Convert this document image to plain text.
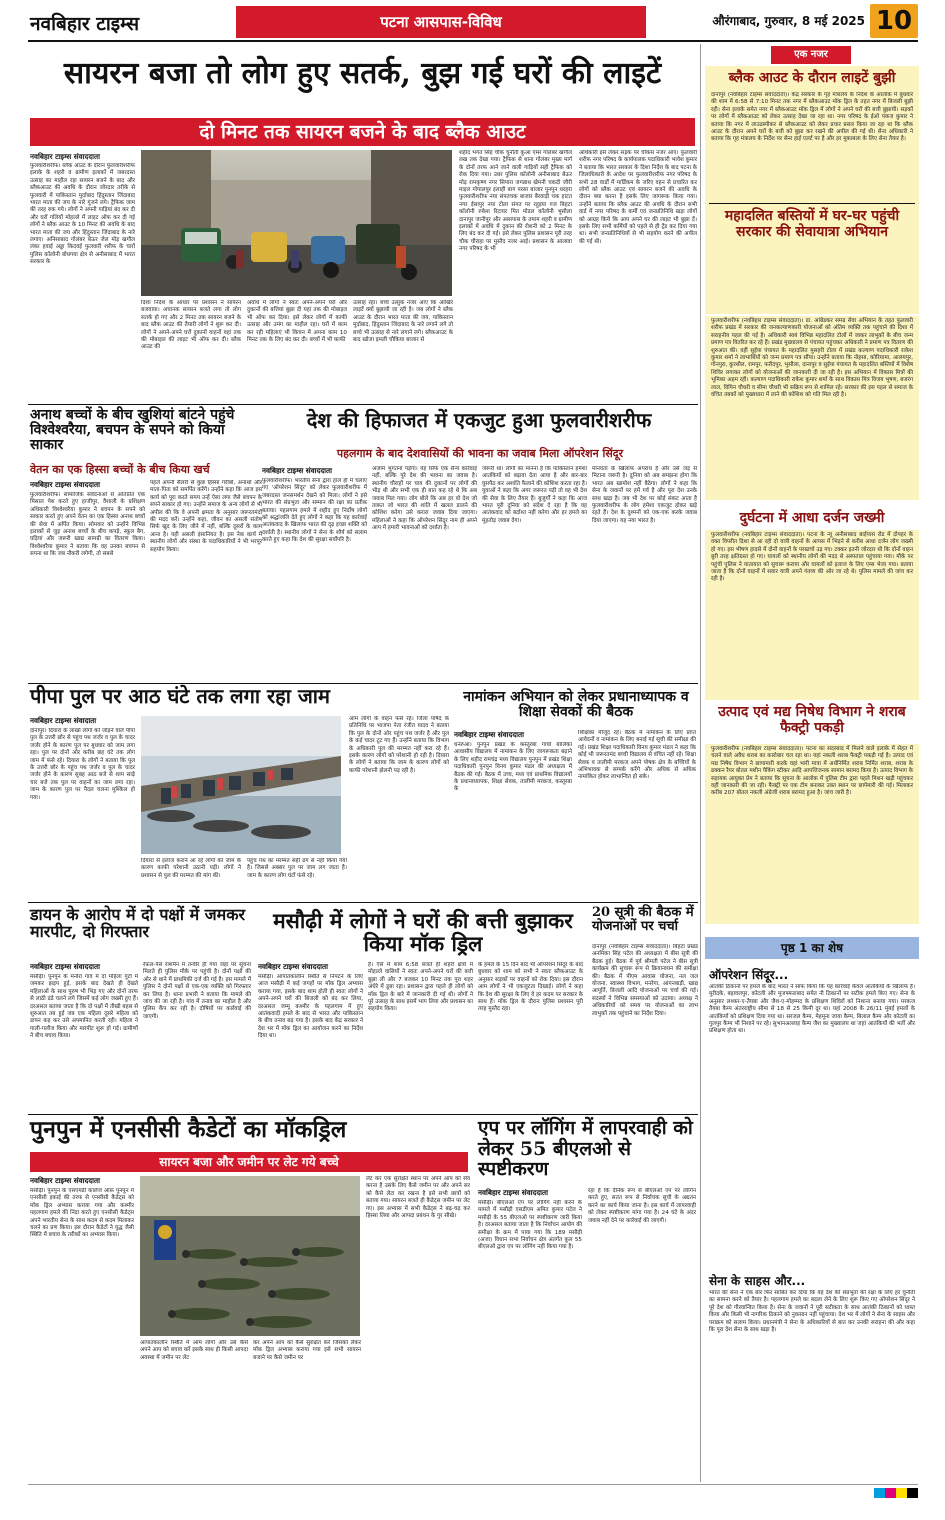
नवबिहार टाइम्स	पटना आसपास-विविध	औरंगाबाद, गुरुवार, 8 मई 2025 10
सायरन बजा तो लोग हुए सतर्क, बुझ गई घरों की लाइटें
दो मिनट तक सायरन बजने के बाद ब्लैक आउट
नवबिहार टाइम्स संवाददाता
फुलवारीशरीफ। ब्लैक आउट के दौरान फुलवारीशरीफ इलाके के शहरी व ग्रामीण इलाकों में जबरदस्त उत्साह का माहौल रहा सायरन बजने के बाद और ब्लैकआउट की अवधि के दौरान जोरदार तरीके से फुलवारी में पाकिस्तान मुर्दाबाद हिंदुस्तान जिंदाबाद भारत माता की जय के नारे गूंजने लगे। ट्रैफिक जाम की तरह रुक गये। लोगों ने अपनी गाड़ियां बंद कर दी और घरों गलियों मोहल्ले में लाइट ऑफ कर दी गई लोगों ने ब्लैक आउट के 10 मिनट की अवधि के बाद भारत माता की जय और हिंदुस्तान जिंदाबाद के नारे लगाए। अनिसाबाद गोलंबर बेऊर जेल मोड़ खगौल लंका हवाई अड्डा किदवई फुलवारी शरीफ के चारों पुलिस कॉलोनी बोधगया क्षेत्र से अनीसाबाद में भारत सरकार के
दिशा निर्देश के आधार पर प्रशासन ने सायरन बजवाया। अचानक सायरन बजते लगा तो लोग सतर्क हो गए और 2 मिनट तक सायरन बजने के बाद ब्लैक आउट की तैयारी लोगों ने शुरू कर दी। लोगों ने अपने-अपने घरों दुकानों वाहनों वहां तक की मोबाइल की लाइट भी ऑफ कर दी। ब्लैक आउट की
अवधि में लोगों ने स्वतः अपने-अपने घरों और दुकानों की बत्तियां बुझा दी यहां तक की मोबाइल भी ऑफ कर दिया। इसे लेकर लोगों में काफी उत्साह और उमंग का माहौल रहा। घरों में काम कर रही महिलाएं भी किचन में अपना काम 10 मिनट तक के लिए बंद कर दी। बच्चों में भी काफी
उत्साह रहा। बच्चे उत्सुक नजर आए कि आखिर लाइटें क्यों बुझायी जा रही है। जब लोगों ने ब्लैक आउट के दौरान भारत माता की जय, पाकिस्तान मुर्दाबाद, हिंदुस्तान जिंदाबाद के नारे लगाने लगे तो बच्चे भी उत्साह से नारे लगाने लगे। ब्लैकआउट के बाद खोजा इमली चौकिया बाजार से
शहीद भगत सिंह चौक चुनौती कुआं एम्स गोलंबर खगौल लख तक देखा गया। ट्रैफिक से थाना गोलंबर मुख्य मार्ग के दोनों तरफ आने जाने वाली गाड़ियों सही ट्रैफिक को रोक दिया गया। उधर पुलिस कॉलोनी अनीसाबाद बेऊर मोड़ रामकृष्ण नगर सिपारा जगन्नाथ खेमनी चकदी जौरी माइल गोपालपुर इलाही बाग परसा बाजार पुनपुन धरहरा फुलवारीशरीफ नया संपतचक बाजार बैरवाड़ी चक हाटत नगर ईसापुर नया टोला संगत पर रहुइया गज बिहटा कॉलोनी रुकेश रिटायर मित मोडल कॉलोनी भुसौला दानापुर जानीपुर और आसपास के तमाम शहरी व ग्रामीण इलाकों में अवधि में दुकान की रोशनी को 2 मिनट के लिए बंद कर दी गई। इसे लेकर पुलिस प्रशासन पूरी तरह चौक चौराहा पर मुस्तैद नजर आई। प्रशासन के आलावा नगर परिषद के भी
अधिकारी इसे लेकर सड़क पर चौकस नजर आए। फुलवारी शरीफ नगर परिषद के कार्यपालक पदाधिकारी भावेश कुमार ने बताया कि भारत सरकार के दिशा निर्देश के बाद पटना के जिलाधिकारी के आदेश पर फुलवारीशरीफ नगर परिषद के सभी 28 वार्डों में मार्डिकम के जरिए वहन से प्रचारित कर लोगों को ब्लैक आउट एवं सायरन बजने की अवधि के दौरान क्या करना है इसके लिए जागरूक किया गया। उन्होंने बताया कि ब्लैक आउट की अवधि के दौरान सभी वार्ड में नगर परिषद के कर्मी एवं जनप्रतिनिधि खड़ा लोगों को आग्रह किये कि आप अपने घर की लाइट भी बुझा दें। इसके लिए सभी कर्मियों को पहले से ही ट्रेंड कर दिया गया था। सभी जनप्रतिनिधियों से भी सहयोग करने की अपील की गई थी।
एक नजर
ब्लैक आउट के दौरान लाइटें बुझी
दानापुर (नवबिहार टाइम्स संवाददाता)। केंद्र सरकार के गृह मंत्रालय के निर्देश के आलोक में बुधवार की शाम में 6:58 से 7:10 मिनट तक नगर में ब्लैकआउट मॉक ड्रिल के तहत नगर में बिजली बुझी रही। सेना इलाके समेत नगर में ब्लैकआउट मॉक ड्रिल में लोगों ने अपने घरों की बत्ती बुझायी। सड़कों पर लोगों में ब्लैकआउट को लेकर उत्साह देखा जा रहा था। नगर परिषद के ईओ पंकज कुमार ने बताया कि नगर में लाउडस्पीकर से ब्लैकआउट को लेकर प्रचार प्रसार किया जा रहा था कि ब्लैक आउट के दौरान अपने घरों के बत्ती को बुझा कर रखने की अपील की गई थी। सेना अधिकारी ने बताया कि गृह मंत्रालय के निर्देश पर सेना हाई एलर्ट पर है और हर मुकाबला के लिए सेना तैयार है।
महादलित बस्तियों में घर-घर पहुंची सरकार की सेवायात्रा अभियान
फुलवारीशरीफ (नवबिहार टाइम्स संवाददाता)। डा. आंबेडकर समग्र सेवा अभियान के तहत फुलवारी शरीफ प्रखंड में सरकार की जनकल्याणकारी योजनाओं को अंतिम व्यक्ति तक पहुंचाने की दिशा में सराहनीय पहल की गई है। अधिकारी स्वयं विभिन्न महादलित टोलों में जाकर लाभुकों के बीच जन्म प्रमाण पत्र वितरित कर रहे हैं। प्रखंड मुख्यालय से पंचायत पहुंचकर अधिकारी ने प्रमाण पत्र वितरण की शुरुआत की। वहीं सुईया पंचायत के महादलित मुसहरी टोला में प्रखंड कल्याण पदाधिकारी राकेश कुमार शर्मा ने लाभार्थियों को जन्म प्रमाण पत्र सौंपा। उन्होंने बताया कि नोहसा, कोरियामा, आलमपुर, गोनपुरा, कुरथौल, रामपुर, फरीदपुर, भुसौला, दानापुर व सुईया पंचायत के महादलित बस्तियों में विशेष शिविर लगाकर लोगों को योजनाओं की जानकारी दी जा रही है। इस अभियान में विकास मित्रों की भूमिका अहम रही। कल्याण पदाधिकारी राकेश कुमार शर्मा के साथ विकास मित्र विजय भूषण, बजरंग लाल, विपिन चौधरी व सीमा चौधरी भी सक्रिय रूप से शामिल रहे। सरकार की इस पहल से समाज के वंचित तबकों को मुख्यधारा में लाने की कोशिश को गति मिल रही है।
दुर्घटना में आधा दर्जन जख्मी
फुलवारीशरीफ (नवबिहार टाइम्स संवाददाता)। पटना के न्यू अनीसाबाद बाईपास रोड में दोपहर के वक्त विपरीत दिशा से आ रही दो यात्री वाहनों के आपस में भिड़ने से करीब आधा दर्जन लोग जख्मी हो गए। इस भीषण हादसे में दोनों वाहनों के परखच्चे उड़ गए। टक्कर इतनी जोरदार थी कि दोनों वाहन बुरी तरह क्षतिग्रस्त हो गए। घायलों को स्थानीय लोगों की मदद से अस्पताल पहुंचाया गया। मौके पर पहुंची पुलिस ने यातायात को सुचारू कराया और घायलों को इलाज के लिए एम्स भेजा गया। बताया जाता है कि दोनों वाहनों में सवार यात्री अपने गंतव्य की ओर जा रहे थे। पुलिस मामले की जांच कर रही है।
उत्पाद एवं मद्य निषेध विभाग ने शराब फैक्ट्री पकड़ी
फुलवारीशरीफ (नवबिहार टाइम्स संवाददाता)। पटना का सदरबाद में मिलने वाले इलाके में सेहत में चलने वाले अवैध शराब का कारोबार चल रहा था। यहां नकली शराब फैक्ट्री पकड़ी गई है। उत्पाद एवं मद्य निषेध विभाग ने छापामारी करके वहां भारी मात्रा में अर्धनिर्मित शराब निर्मित शराब, शराब के ढक्कन रैपर बोतल मशीन पैकिंग स्टीकर आदि आपत्तिजनक सामान बरामद किया है। उत्पाद विभाग के सहायक आयुक्त प्रेम ने बताया कि सूचना के आलोक में पुलिस टीम द्वारा पहले मिशन खड़ी पहुंचकर वहीं जानकारी की जा रही। फैक्ट्री पर एक टीम बनाकर उक्त स्थान पर छापेमारी की गई। मिलाकर करीब 207 बोतल नकली अंग्रेजी शराब बरामद हुआ है। जांच जारी है।
पृष्ठ 1 का शेष
ऑपरेशन सिंदूर...
आतंकी ठिकानों पर हमले के बाद भारत ने साफ किया कि यह कार्रवाई केवल आतंकियों के खिलाफ है। मुरीदके, बहावलपुर, कोटली और मुजफ्फराबाद समेत नौ ठिकानों पर सटीक हमले किए गए। सेना के अनुसार लश्कर-ए-तैयबा और जैश-ए-मोहम्मद के प्रशिक्षण शिविरों को निशाना बनाया गया। मरकज तैयबा कैम्प अंतरराष्ट्रीय सीमा से 18 से 25 किमी दूर था। यहां 2008 के 26/11 मुंबई हमलों के आतंकियों को प्रशिक्षण दिया गया था। सरजल कैम्प, मेहमूना जाया कैम्प, बिलाल कैम्प और कोटली का गुलपुर कैम्प भी निशाने पर रहे। सुभानअल्लाह कैम्प जैश का मुख्यालय था जहां आतंकियों की भर्ती और प्रशिक्षण होता था।
सेना के साहस और...
भारत की सेना ने एक बार फिर साबित कर दिया कि वह देश की संप्रभुता की रक्षा के लिए हर चुनौती का सामना करने को तैयार है। पहलगाम हमले का बदला लेने के लिए शुरू किए गए ऑपरेशन सिंदूर ने पूरे देश को गौरवान्वित किया है। सेना के जवानों ने पूरी सटीकता के साथ आतंकी ठिकानों को ध्वस्त किया और किसी भी नागरिक ठिकाने को नुकसान नहीं पहुंचाया। देश भर में लोगों ने सेना के साहस और पराक्रम को सलाम किया। प्रधानमंत्री ने सेना के अधिकारियों से बात कर उनकी सराहना की और कहा कि पूरा देश सेना के साथ खड़ा है।
अनाथ बच्चों के बीच खुशियां बांटने पहुंचे विश्वेश्वरैया, बचपन के सपने को किया साकार
वेतन का एक हिस्सा बच्चों के बीच किया खर्च
नवबिहार टाइम्स संवाददाता
फुलवारीशरीफ। सामाजिक संवेदनाओं से ओतप्रोत एक मिसाल पेश करते हुए हाजीपुर, वैशाली के प्रशिक्षण अधिकारी विश्वेश्वरैया कुमार ने बचपन के सपने को साकार करते हुए अपने वेतन का एक हिस्सा अनाथ बच्चों की सेवा में अर्पित किया। सोमवार को उन्होंने विभिन्न इलाकों से जुड़ अनाथ बच्चों के बीच कपड़े, स्कूल बैग, घड़ियां और जरूरी खाद्य सामग्री का वितरण किया। विश्वेश्वरैया कुमार ने बताया कि वह उनका बचपन से सपना था कि जब नौकरी लगेगी, तो सबसे
पहले अपनी सैलरी से कुछ हिस्सा गरीबों, अनाथों और माता-पिता को समर्पित करेंगे। उन्होंने कहा कि आज इस कार्य को पूरा करते समय उन्हें ऐसा लगा जैसे बचपन के सपने साकार हो गए। उन्होंने समाज के अन्य लोगों से भी अपील की कि वे अपनी क्षमता के अनुसार जरूरतमंदों की मदद करें। उन्होंने कहा, जीवन का असली संतोष सिर्फ खुद के लिए जीने में नहीं, बल्कि दूसरों के काम आना है। यही असली इंसानियत है। इस नेक कार्य में स्थानीय लोगों और संस्था के पदाधिकारियों ने भी भरपूर सहयोग किया।
देश की हिफाजत में एकजुट हुआ फुलवारीशरीफ
पहलगाम के बाद देशवासियों की भावना का जवाब मिला ऑपरेशन सिंदूर
नवबिहार टाइम्स संवाददाता
फुलवारीशरीफ। भारतीय सेना द्वारा हाल ही में चलाए गए 'ऑपरेशन सिंदूर' को लेकर फुलवारीशरीफ में जबरदस्त जनसमर्थन देखने को मिला। लोगों ने इसे भारत की संप्रभुता और सम्मान की रक्षा का प्रतीक बताया। पहलगाम हमले में शहीद हुए निर्दोष लोगों को श्रद्धांजलि देते हुए लोगों ने कहा कि यह कार्रवाई आतंकवाद के खिलाफ भारत की दृढ़ इच्छा शक्ति को दर्शाती है। स्थानीय लोगों ने सेना के शौर्य को सलाम करते हुए कहा कि देश की सुरक्षा सर्वोपरि है।
अंजाम भुगतना पड़ेगा। यह सिर्फ एक सैन्य कार्रवाई नहीं, बल्कि पूरे देश की भावना का जवाब है। स्थानीय चौराहों पर चाय की दुकानों पर लोगों की भीड़ थी और सभी एक ही बात कह रहे थे कि अब जवाब मिल गया। लोग बोले कि अब हर वो देश जो ताकत जो भारत की शांति में खलल डालने की कोशिश करेगा उसे करारा जवाब दिया जाएगा। महिलाओं ने कहा कि ऑपरेशन सिंदूर नाम ही अपने आप में हमारी भावनाओं को दर्शाता है।
जरूरी था। लोगों का मानना है कि पाकिस्तान हमेशा आतंकियों को बढ़ावा देता आया है और बार-बार घुसपैठ कर अशांति फैलाने की कोशिश करता रहा है। युवाओं ने कहा कि अगर जरूरत पड़ी तो वह भी देश की सेवा के लिए तैयार हैं। बुजुर्गों ने कहा कि आज भारत पूरी दुनिया को संदेश दे रहा है कि वह आतंकवाद को बर्दाश्त नहीं करेगा और हर हमले का मुंहतोड़ जवाब देगा।
मानवता के खिलाफ अपराध है और उसे जड़ से मिटाना जरूरी है। दुनिया को अब समझना होगा कि भारत अब खामोश नहीं बैठेगा। लोगों ने कहा कि सेना के जवानों पर हमें गर्व है और पूरा देश उनके साथ खड़ा है। जब भी देश पर कोई संकट आता है फुलवारीशरीफ के लोग हमेशा एकजुट होकर खड़े रहते हैं। देश के दुश्मनों को एक-एक करके जवाब दिया जाएगा। यह नया भारत है।
पीपा पुल पर आठ घंटे तक लगा रहा जाम
नवबिहार टाइम्स संवादाता
दानापुर। दियारा के लाखों लोगों को जोड़ने वाले पीपा पुल के उत्तरी छोर से पहुंच पथ जर्जर व पुल के चादर जर्जर होने के कारण पुल पर बुधवार को जाम लगा रहा। पुल पर दोनों ओर करीब छह घंटे तक लोग जाम में फंसे रहे। दियारा के लोगों ने बताया कि पुल के उत्तरी छोर के पहुंच पथ जर्जर व पुल के चादर जर्जर होने के कारण सुबह आठ बजे से शाम साढ़े चार बजे तक पुल पर वाहनों का जाम लगा रहा। जाम के कारण पुल पर पैदल चलना मुश्किल हो गया।
दियारा से इलाज कराने आ रहे लोगों को जाम के कारण काफी परेशानी उठानी पड़ी। लोगों ने प्रशासन से पुल की मरम्मत की मांग की।
पहुंच पथ का मरम्मत सही ढंग से नहीं किया गया है। जिससे अक्सर पुल पर जाम लग जाता है। जाम के कारण लोग घंटों फंसे रहे।
आम लोगों के वाहन फंसे रहे। जिला पार्षद के प्रतिनिधि पर भाजपा नेता रंजीत यादव ने बताया कि पुल के दोनों ओर पहुंच पथ जर्जर है और पुल के कई चादर टूट गए हैं। उन्होंने बताया कि विभाग के अधिकारी पुल की मरम्मत नहीं करा रहे हैं। इसके कारण लोगों को परेशानी हो रही है। दियारा के लोगों ने बताया कि जाम के कारण लोगों को काफी परेशानी झेलनी पड़ रही है।
नामांकन अभियान को लेकर प्रधानाध्यापक व शिक्षा सेवकों की बैठक
नवबिहार टाइम्स संवाददाता
धनरुआ। पुनपुन प्रखंड के कस्तूरबा गांधी बालिका आवासीय विद्यालय में नामांकन के लिए जागरूकता बढ़ाने के लिए शहीद रामचंद्र मध्य विद्यालय पुनपुन में प्रखंड शिक्षा पदाधिकारी पुनपुन विनय कुमार मंडल की अध्यक्षता में बैठक की गई। बैठक में उच्च, मध्य एवं प्राथमिक विद्यालयों के प्रधानाध्यापक, शिक्षा सेवक, तालीमी मरकज, कस्तूरबा के
शिक्षिका मौजूद रहे। बैठक में नामांकन के लिए प्राप्त आवेदनों व नामांकन के लिए बनाई गई सूची की समीक्षा की गई। प्रखंड शिक्षा पदाधिकारी विनय कुमार मंडल ने कहा कि कोई भी जरूरतमंद बच्ची विद्यालय से वंचित नहीं रहे। शिक्षा सेवक व तालीमी मरकज अपने पोषक क्षेत्र के बच्चियों के अभिभावक से सम्पर्क करेंगे और अधिक से अधिक नामांकित होकर लाभान्वित हो सके।
डायन के आरोप में दो पक्षों में जमकर मारपीट, दो गिरफ्तार
नवबिहार टाइम्स संवाददाता
मसौढ़ी। पुनपुन के मनोरा गांव में दो महिला गुटों में जमकर झड़प हुई, इसके बाद देखते ही देखते महिलाओं के साथ पुरुष भी भिड़ गए और दोनों तरफ से लाठी डंडे चलने लगे जिसमें कई लोग जख्मी हुए हैं। दरअसल बताया जाता है कि दो पक्षों में तीखी बहस से शुरुआत तब हुई जब एक महिला दूसरे महिला को डायन कह कर उसे अपमानित करती रही। महिला ने गाली-गलौज किया और मारपीट शुरू हो गई। ग्रामीणों ने बीच बचाव किया।
रेफ़ल-पेस राशमैन में तन्वीर ही गया जहां पर सूचना मिलते ही पुलिस मौके पर पहुंची है। दोनों पक्षों की ओर से थाने में प्राथमिकी दर्ज की गई है। इस मामले में पुलिस ने दोनों पक्षों से एक-एक व्यक्ति को गिरफ्तार कर लिया है। थाना प्रभारी ने बताया कि मामले की जांच की जा रही है। गांव में तनाव का माहौल है और पुलिस कैंप कर रही है। दोषियों पर कार्रवाई की जाएगी।
मसौढ़ी में लोगों ने घरों की बत्ती बुझाकर किया मॉक ड्रिल
नवबिहार टाइम्स संवाददाता
मसौढ़ी। आपातकालीन स्थिति से निपटने के लिए आज मसौढ़ी में कई जगहों पर मॉक ड्रिल अभ्यास कराया गया, इसके बाद शाम होती ही स्वतः लोगों ने अपने-अपने घरों की बिजली को बंद कर लिया, दरअसल जम्मू कश्मीर के पहलगाम में हुए आतंकवादी हमले के बाद से भारत और पाकिस्तान के बीच तनाव बढ़ गया है। इसके बाद केंद्र सरकार ने देश भर में मॉक ड्रिल का आयोजन करने का निर्देश दिया था।
है। ऐसे में शाम 6:58 बजते ही शहरी क्षेत्रों में मोहल्ले वासियों ने स्वतः अपने-अपने घरों की बत्ती बुझा ली और 7 बजकर 10 मिनट तक पूरा शहर अंधेरे में डूबा रहा। प्रशासन द्वारा पहले ही लोगों को मॉक ड्रिल के बारे में जानकारी दी गई थी। लोगों ने पूरे उत्साह के साथ इसमें भाग लिया और प्रशासन का सहयोग किया।
के हमले के 15 दिन बाद भी ऑपरेशन सिंदूर के बाद बुधवार को शाम को सभी ने स्वतः ब्लैकआउट के अनुसार सड़कों पर वाहनों को रोक दिया। इस दौरान आम लोगों ने भी एकजुटता दिखाई। लोगों ने कहा कि देश की सुरक्षा के लिए वे हर कदम पर सरकार के साथ हैं। मॉक ड्रिल के दौरान पुलिस प्रशासन पूरी तरह मुस्तैद रहा।
20 सूत्री की बैठक में योजनाओं पर चर्चा
दानापुर (नवबिहार टाइम्स संवाददाता)। बिहटा प्रखंड अनमिका सिंह पटेल की अध्यक्षता में बीस सूत्री की बैठक हुई। बैठक में पूर्व श्रीमती पटेल ने बीस सूत्री कार्यक्रम की सुचारू रूप से क्रियान्वयन की समीक्षा की। बैठक में पीएम आवास योजना, नल जल योजना, स्वास्थ्य विभाग, मनरेगा, आंगनबाड़ी, खाद्य आपूर्ति, बिजली आदि योजनाओं पर चर्चा की गई। सदस्यों ने विभिन्न समस्याओं को उठाया। अध्यक्ष ने अधिकारियों को समय पर योजनाओं का लाभ लाभुकों तक पहुंचाने का निर्देश दिया।
पुनपुन में एनसीसी कैडेटों का मॉकड्रिल
सायरन बजा और जमीन पर लेट गये बच्चे
नवबिहार टाइम्स संवाददाता
मसौढ़ी। पुनपुन के एसएमडी कॉलेज ऑफ़ पुनपुन में एनसीसी इकाई की तरफ से एनसीसी कैडेट्स को मॉक ड्रिल अभ्यास कराया गया और कश्मीर पहलगाम हमले की निंदा करते हुए एनसीसी कैडेट्स अपने भारतीय सेना के साथ कदम से कदम मिलाकर चलने का प्रण किया। इस दौरान कैडेटों ने युद्ध जैसी स्थिति में बचाव के तरीकों का अभ्यास किया।
आपातकालीन स्थिति में आम लोगों और उसे कैसे अपने आप को बचाव करें इसके साथ ही किसी आपदा अवस्था में जमीन पर लेट
कर अपने आप को कैसे सुरक्षित करें जिसको लेकर मॉक ड्रिल अभ्यास कराया गया इसे सभी सायरन बजाने पर कैसे जमीन पर
लेट कर एक सुरक्षित स्थान पर अपने आप को सेव करना है उसके लिए कैसे जमीन पर और अपने सर को कैसे लेटा कर रखना है इसे सभी छात्रों को बताया गया। सायरन बजते ही कैडेट्स जमीन पर लेट गए। इस अभ्यास में सभी कैडेट्स ने बढ़-चढ़ कर हिस्सा लिया और आपदा प्रबंधन के गुर सीखे।
एप पर लॉगिंग में लापरवाही को लेकर 55 बीएलओ से स्पष्टीकरण
नवबिहार टाइम्स संवाददाता
मसौढ़ी। बीएलओ एप पर लॉगिंग नहीं करने के मामले में मसौढ़ी एसडीएम अमित कुमार पटेल ने मसौढ़ी के 55 बीएलओ पर स्पष्टीकरण जारी किया है। दरअसल बताया जाता है कि निर्वाचन आयोग की समीक्षा के क्रम में पाया गया कि 189 मसौढ़ी (अजा) विधान सभा निर्वाचन क्षेत्र अंतर्गत कुल 55 बीएलओ द्वारा एप पर लॉगिंग नहीं किया गया है।
रहा है कि दैनिक रूप से बीएलओ एप पर लॉगिन करते हुए, सतत रूप से निर्वाचक सूची के अद्यतन करने का कार्य किया जाना है। इस कार्य में लापरवाही को लेकर स्पष्टीकरण मांगा गया है। 24 घंटे के अंदर जवाब नहीं देने पर कार्रवाई की जाएगी।
